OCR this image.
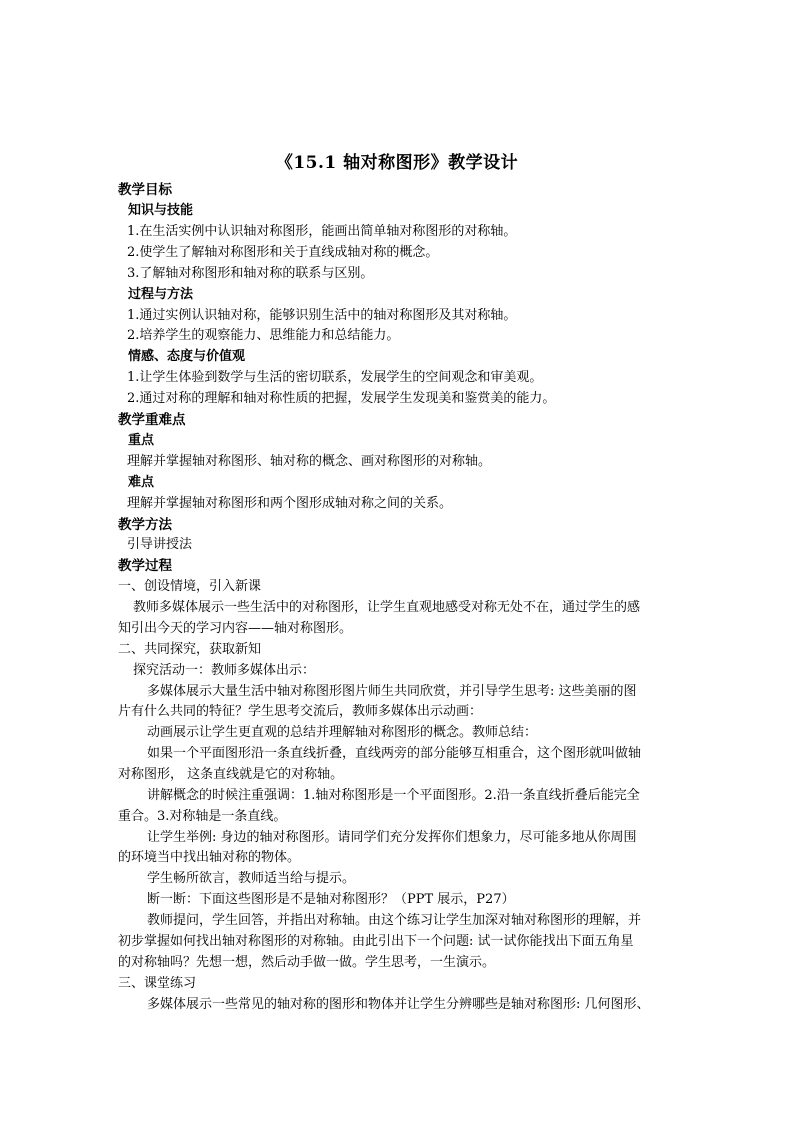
《15.1 轴对称图形》教学设计
教学目标
知识与技能
1.在生活实例中认识轴对称图形，能画出简单轴对称图形的对称轴。
2.使学生了解轴对称图形和关于直线成轴对称的概念。
3.了解轴对称图形和轴对称的联系与区别。
过程与方法
1.通过实例认识轴对称，能够识别生活中的轴对称图形及其对称轴。
2.培养学生的观察能力、思维能力和总结能力。
情感、态度与价值观
1.让学生体验到数学与生活的密切联系，发展学生的空间观念和审美观。
2.通过对称的理解和轴对称性质的把握，发展学生发现美和鉴赏美的能力。
教学重难点
重点
理解并掌握轴对称图形、轴对称的概念、画对称图形的对称轴。
难点
理解并掌握轴对称图形和两个图形成轴对称之间的关系。
教学方法
引导讲授法
教学过程
一、创设情境，引入新课
教师多媒体展示一些生活中的对称图形，让学生直观地感受对称无处不在，通过学生的感
知引出今天的学习内容——轴对称图形。
二、共同探究，获取新知
探究活动一：教师多媒体出示：
多媒体展示大量生活中轴对称图形图片师生共同欣赏，并引导学生思考: 这些美丽的图
片有什么共同的特征？学生思考交流后，教师多媒体出示动画：
动画展示让学生更直观的总结并理解轴对称图形的概念。教师总结：
如果一个平面图形沿一条直线折叠，直线两旁的部分能够互相重合，这个图形就叫做轴
对称图形， 这条直线就是它的对称轴。
讲解概念的时候注重强调：1.轴对称图形是一个平面图形。2.沿一条直线折叠后能完全
重合。3.对称轴是一条直线。
让学生举例: 身边的轴对称图形。请同学们充分发挥你们想象力，尽可能多地从你周围
的环境当中找出轴对称的物体。
学生畅所欲言，教师适当给与提示。
断一断：下面这些图形是不是轴对称图形？（PPT 展示，P27）
教师提问，学生回答，并指出对称轴。由这个练习让学生加深对轴对称图形的理解，并
初步掌握如何找出轴对称图形的对称轴。由此引出下一个问题: 试一试你能找出下面五角星
的对称轴吗？先想一想，然后动手做一做。学生思考，一生演示。
三、课堂练习
多媒体展示一些常见的轴对称的图形和物体并让学生分辨哪些是轴对称图形: 几何图形、
